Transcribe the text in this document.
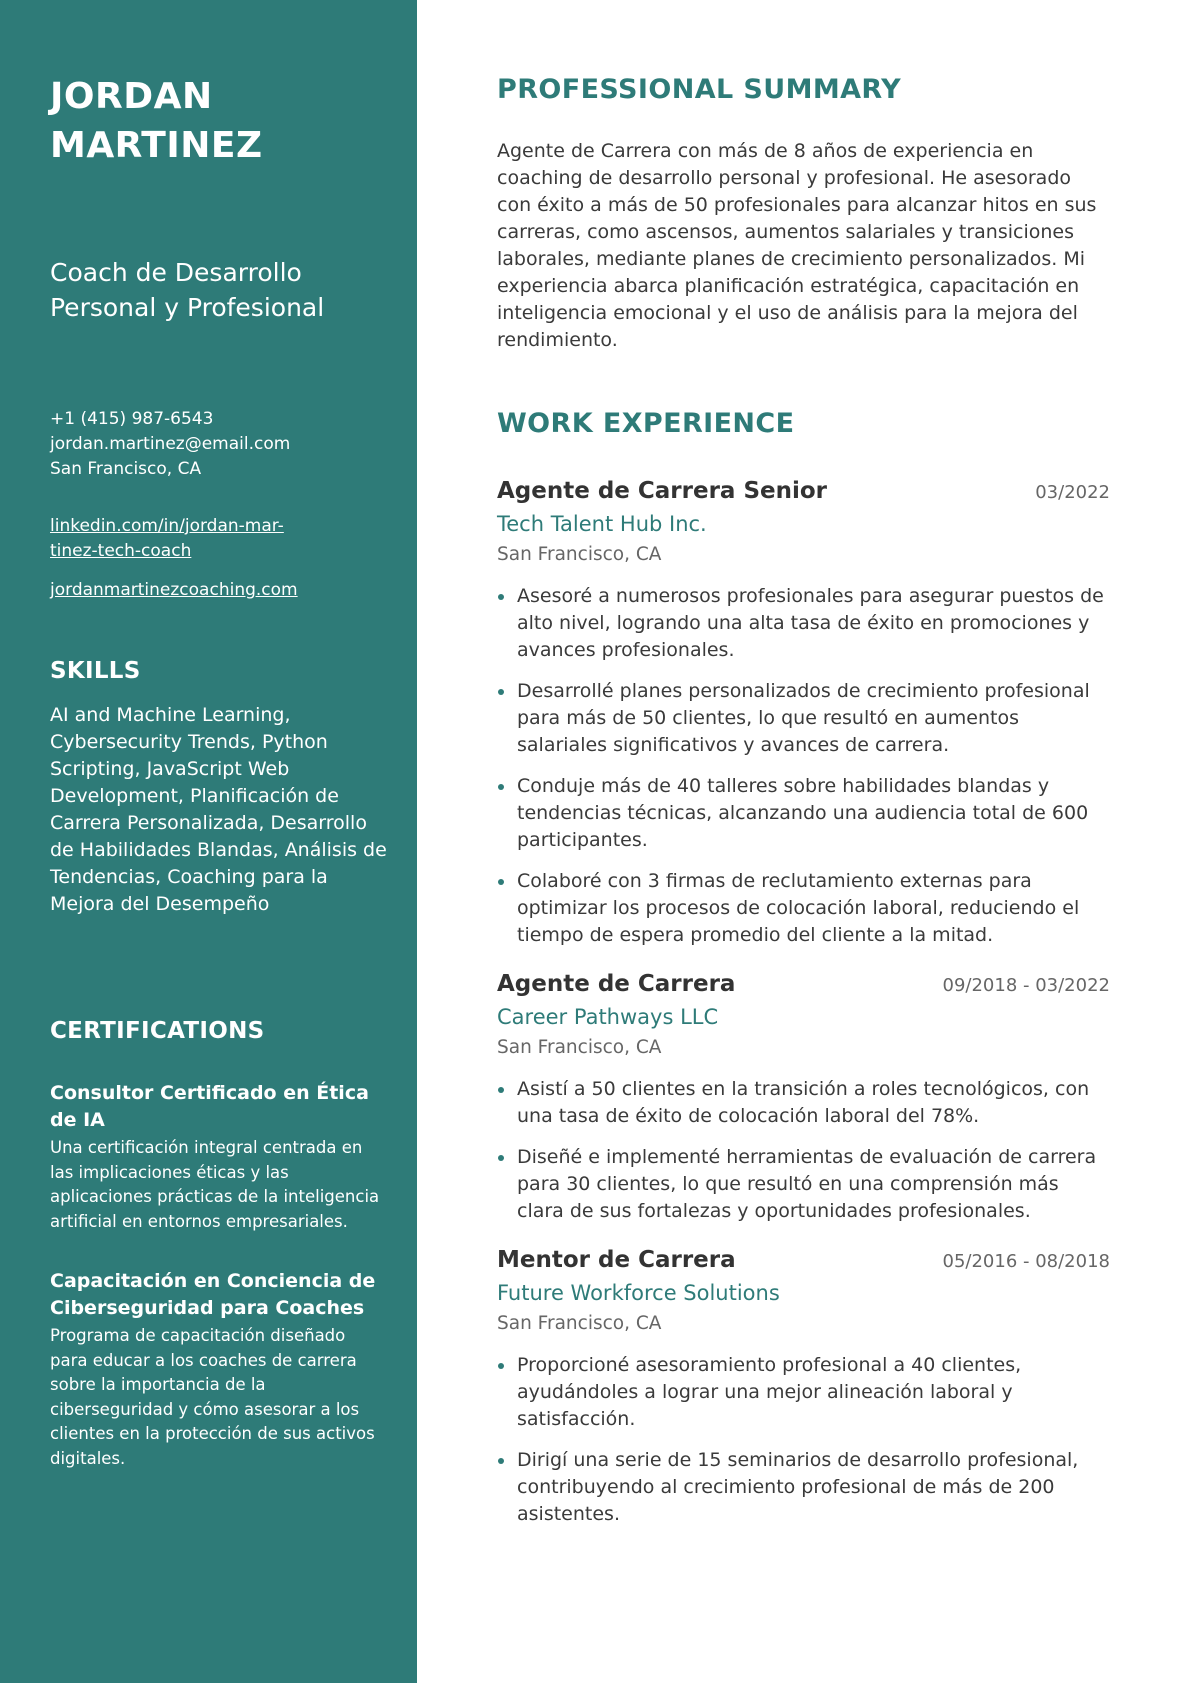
JORDAN
MARTINEZ
Coach de Desarrollo
Personal y Profesional
+1 (415) 987-6543
jordan.martinez@email.com
San Francisco, CA
linkedin.com/in/jordan-mar-
tinez-tech-coach
jordanmartinezcoaching.com
SKILLS
AI and Machine Learning, Cybersecurity Trends, Python Scripting, JavaScript Web Development, Planificación de Carrera Personalizada, Desarrollo de Habilidades Blandas, Análisis de Tendencias, Coaching para la Mejora del Desempeño
CERTIFICATIONS
Consultor Certificado en Ética de IA
Una certificación integral centrada en las implicaciones éticas y las aplicaciones prácticas de la inteligencia artificial en entornos empresariales.
Capacitación en Conciencia de Ciberseguridad para Coaches
Programa de capacitación diseñado para educar a los coaches de carrera sobre la importancia de la ciberseguridad y cómo asesorar a los clientes en la protección de sus activos digitales.
PROFESSIONAL SUMMARY

Agente de Carrera con más de 8 años de experiencia en coaching de desarrollo personal y profesional. He asesorado con éxito a más de 50 profesionales para alcanzar hitos en sus carreras, como ascensos, aumentos salariales y transiciones laborales, mediante planes de crecimiento personalizados. Mi experiencia abarca planificación estratégica, capacitación en inteligencia emocional y el uso de análisis para la mejora del rendimiento.

WORK EXPERIENCE
Agente de Carrera Senior	03/2022
Tech Talent Hub Inc.
San Francisco, CA
Asesoré a numerosos profesionales para asegurar puestos de alto nivel, logrando una alta tasa de éxito en promociones y avances profesionales.
Desarrollé planes personalizados de crecimiento profesional para más de 50 clientes, lo que resultó en aumentos salariales significativos y avances de carrera.
Conduje más de 40 talleres sobre habilidades blandas y tendencias técnicas, alcanzando una audiencia total de 600 participantes.
Colaboré con 3 firmas de reclutamiento externas para optimizar los procesos de colocación laboral, reduciendo el tiempo de espera promedio del cliente a la mitad.
Agente de Carrera	09/2018 - 03/2022
Career Pathways LLC
San Francisco, CA
Asistí a 50 clientes en la transición a roles tecnológicos, con una tasa de éxito de colocación laboral del 78%.
Diseñé e implementé herramientas de evaluación de carrera para 30 clientes, lo que resultó en una comprensión más clara de sus fortalezas y oportunidades profesionales.
Mentor de Carrera	05/2016 - 08/2018
Future Workforce Solutions
San Francisco, CA
Proporcioné asesoramiento profesional a 40 clientes, ayudándoles a lograr una mejor alineación laboral y satisfacción.
Dirigí una serie de 15 seminarios de desarrollo profesional, contribuyendo al crecimiento profesional de más de 200 asistentes.
